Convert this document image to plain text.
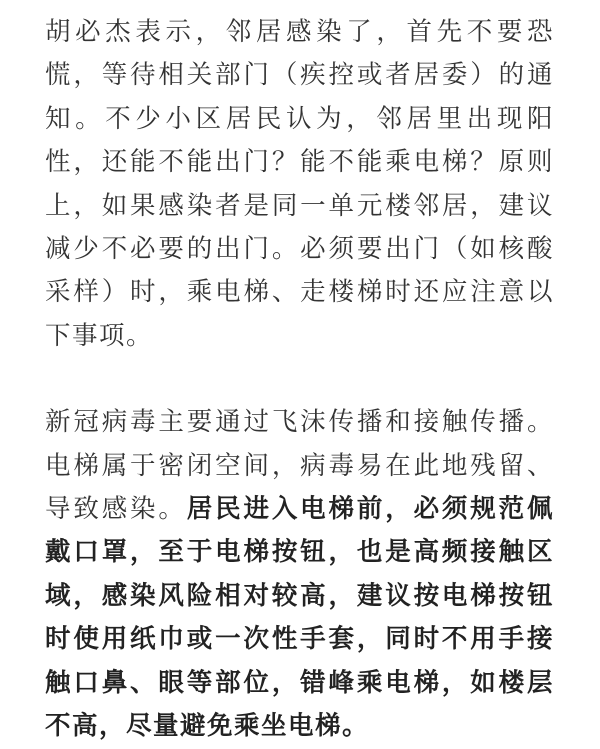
胡必杰表示，邻居感染了，首先不要恐慌，等待相关部门（疾控或者居委）的通知。不少小区居民认为，邻居里出现阳性，还能不能出门？能不能乘电梯？原则上，如果感染者是同一单元楼邻居，建议减少不必要的出门。必须要出门（如核酸采样）时，乘电梯、走楼梯时还应注意以下事项。

新冠病毒主要通过飞沫传播和接触传播。电梯属于密闭空间，病毒易在此地残留、导致感染。居民进入电梯前，必须规范佩戴口罩，至于电梯按钮，也是高频接触区域，感染风险相对较高，建议按电梯按钮时使用纸巾或一次性手套，同时不用手接触口鼻、眼等部位，错峰乘电梯，如楼层不高，尽量避免乘坐电梯。
